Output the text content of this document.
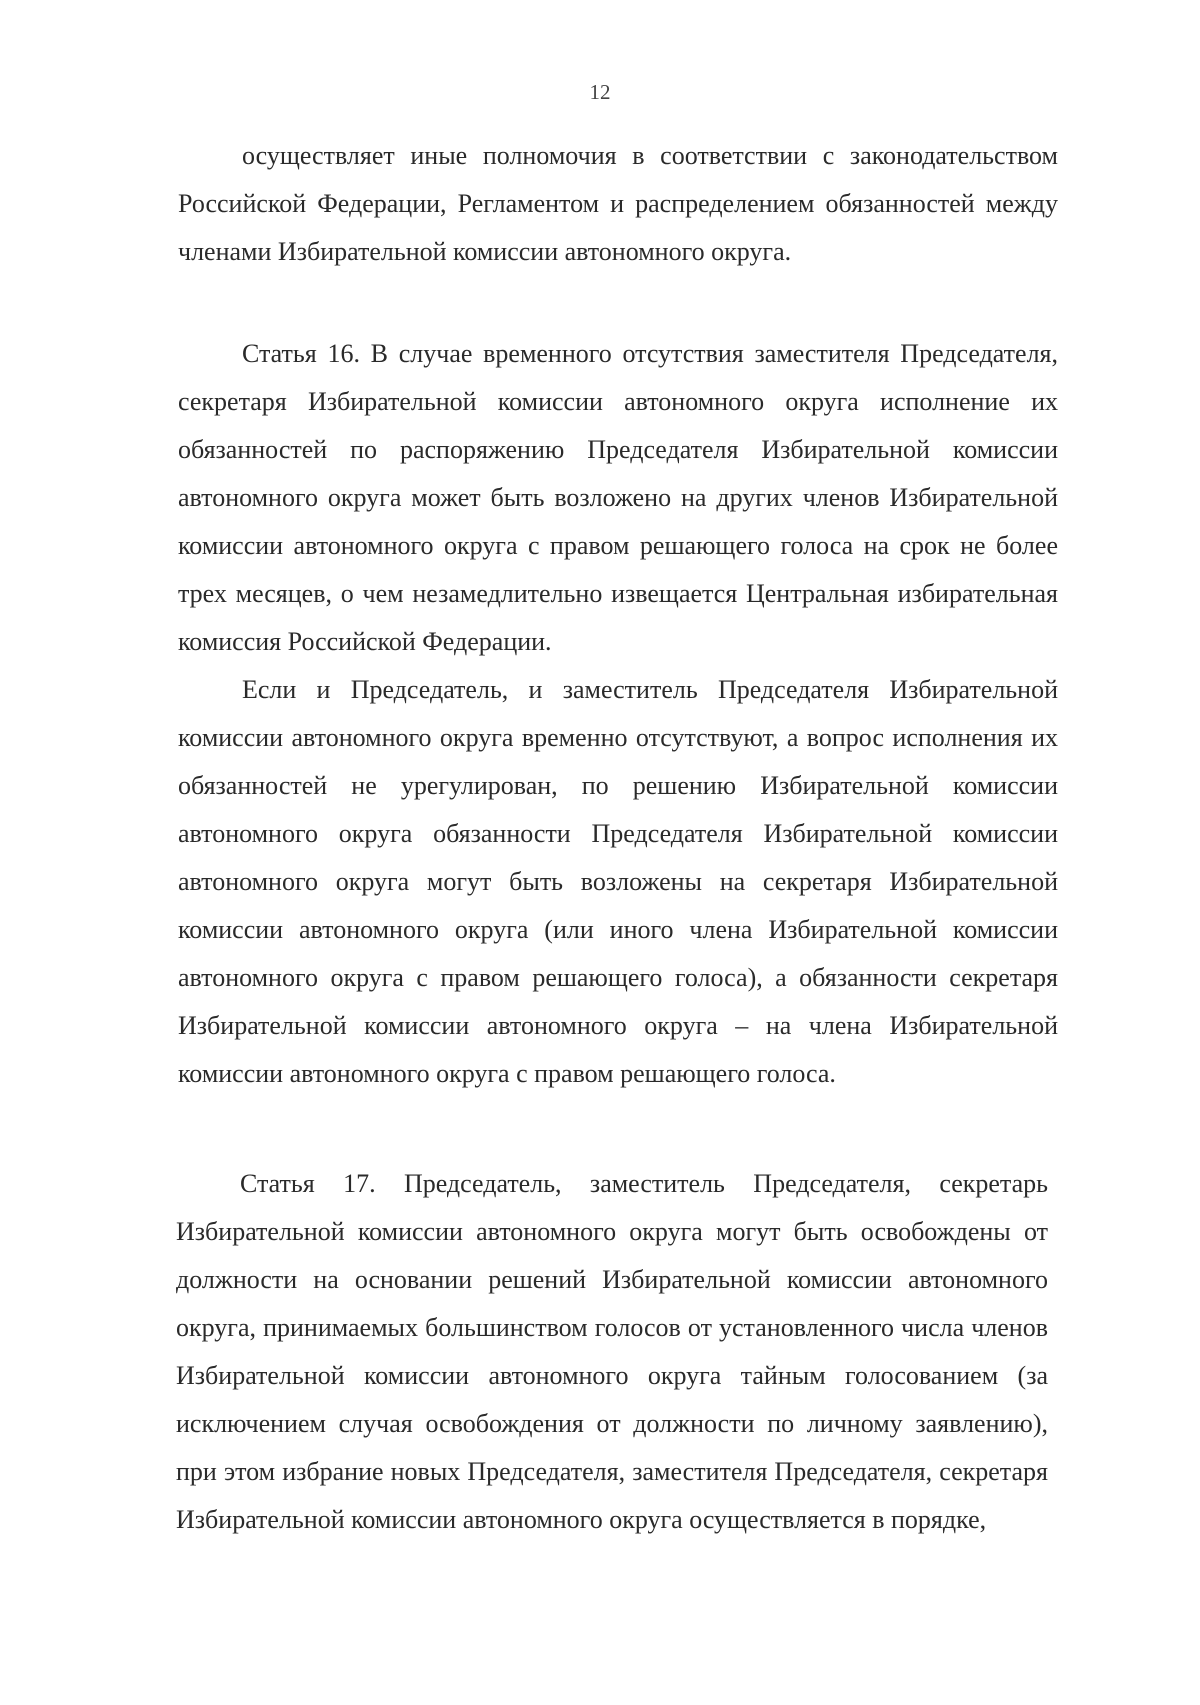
12

осуществляет иные полномочия в соответствии с законодательством Российской Федерации, Регламентом и распределением обязанностей между членами Избирательной комиссии автономного округа.

Статья 16. В случае временного отсутствия заместителя Председателя, секретаря Избирательной комиссии автономного округа исполнение их обязанностей по распоряжению Председателя Избирательной комиссии автономного округа может быть возложено на других членов Избирательной комиссии автономного округа с правом решающего голоса на срок не более трех месяцев, о чем незамедлительно извещается Центральная избирательная комиссия Российской Федерации.

Если и Председатель, и заместитель Председателя Избирательной комиссии автономного округа временно отсутствуют, а вопрос исполнения их обязанностей не урегулирован, по решению Избирательной комиссии автономного округа обязанности Председателя Избирательной комиссии автономного округа могут быть возложены на секретаря Избирательной комиссии автономного округа (или иного члена Избирательной комиссии автономного округа с правом решающего голоса), а обязанности секретаря Избирательной комиссии автономного округа – на члена Избирательной комиссии автономного округа с правом решающего голоса.

Статья 17. Председатель, заместитель Председателя, секретарь Избирательной комиссии автономного округа могут быть освобождены от должности на основании решений Избирательной комиссии автономного округа, принимаемых большинством голосов от установленного числа членов Избирательной комиссии автономного округа тайным голосованием (за исключением случая освобождения от должности по личному заявлению), при этом избрание новых Председателя, заместителя Председателя, секретаря Избирательной комиссии автономного округа осуществляется в порядке,
